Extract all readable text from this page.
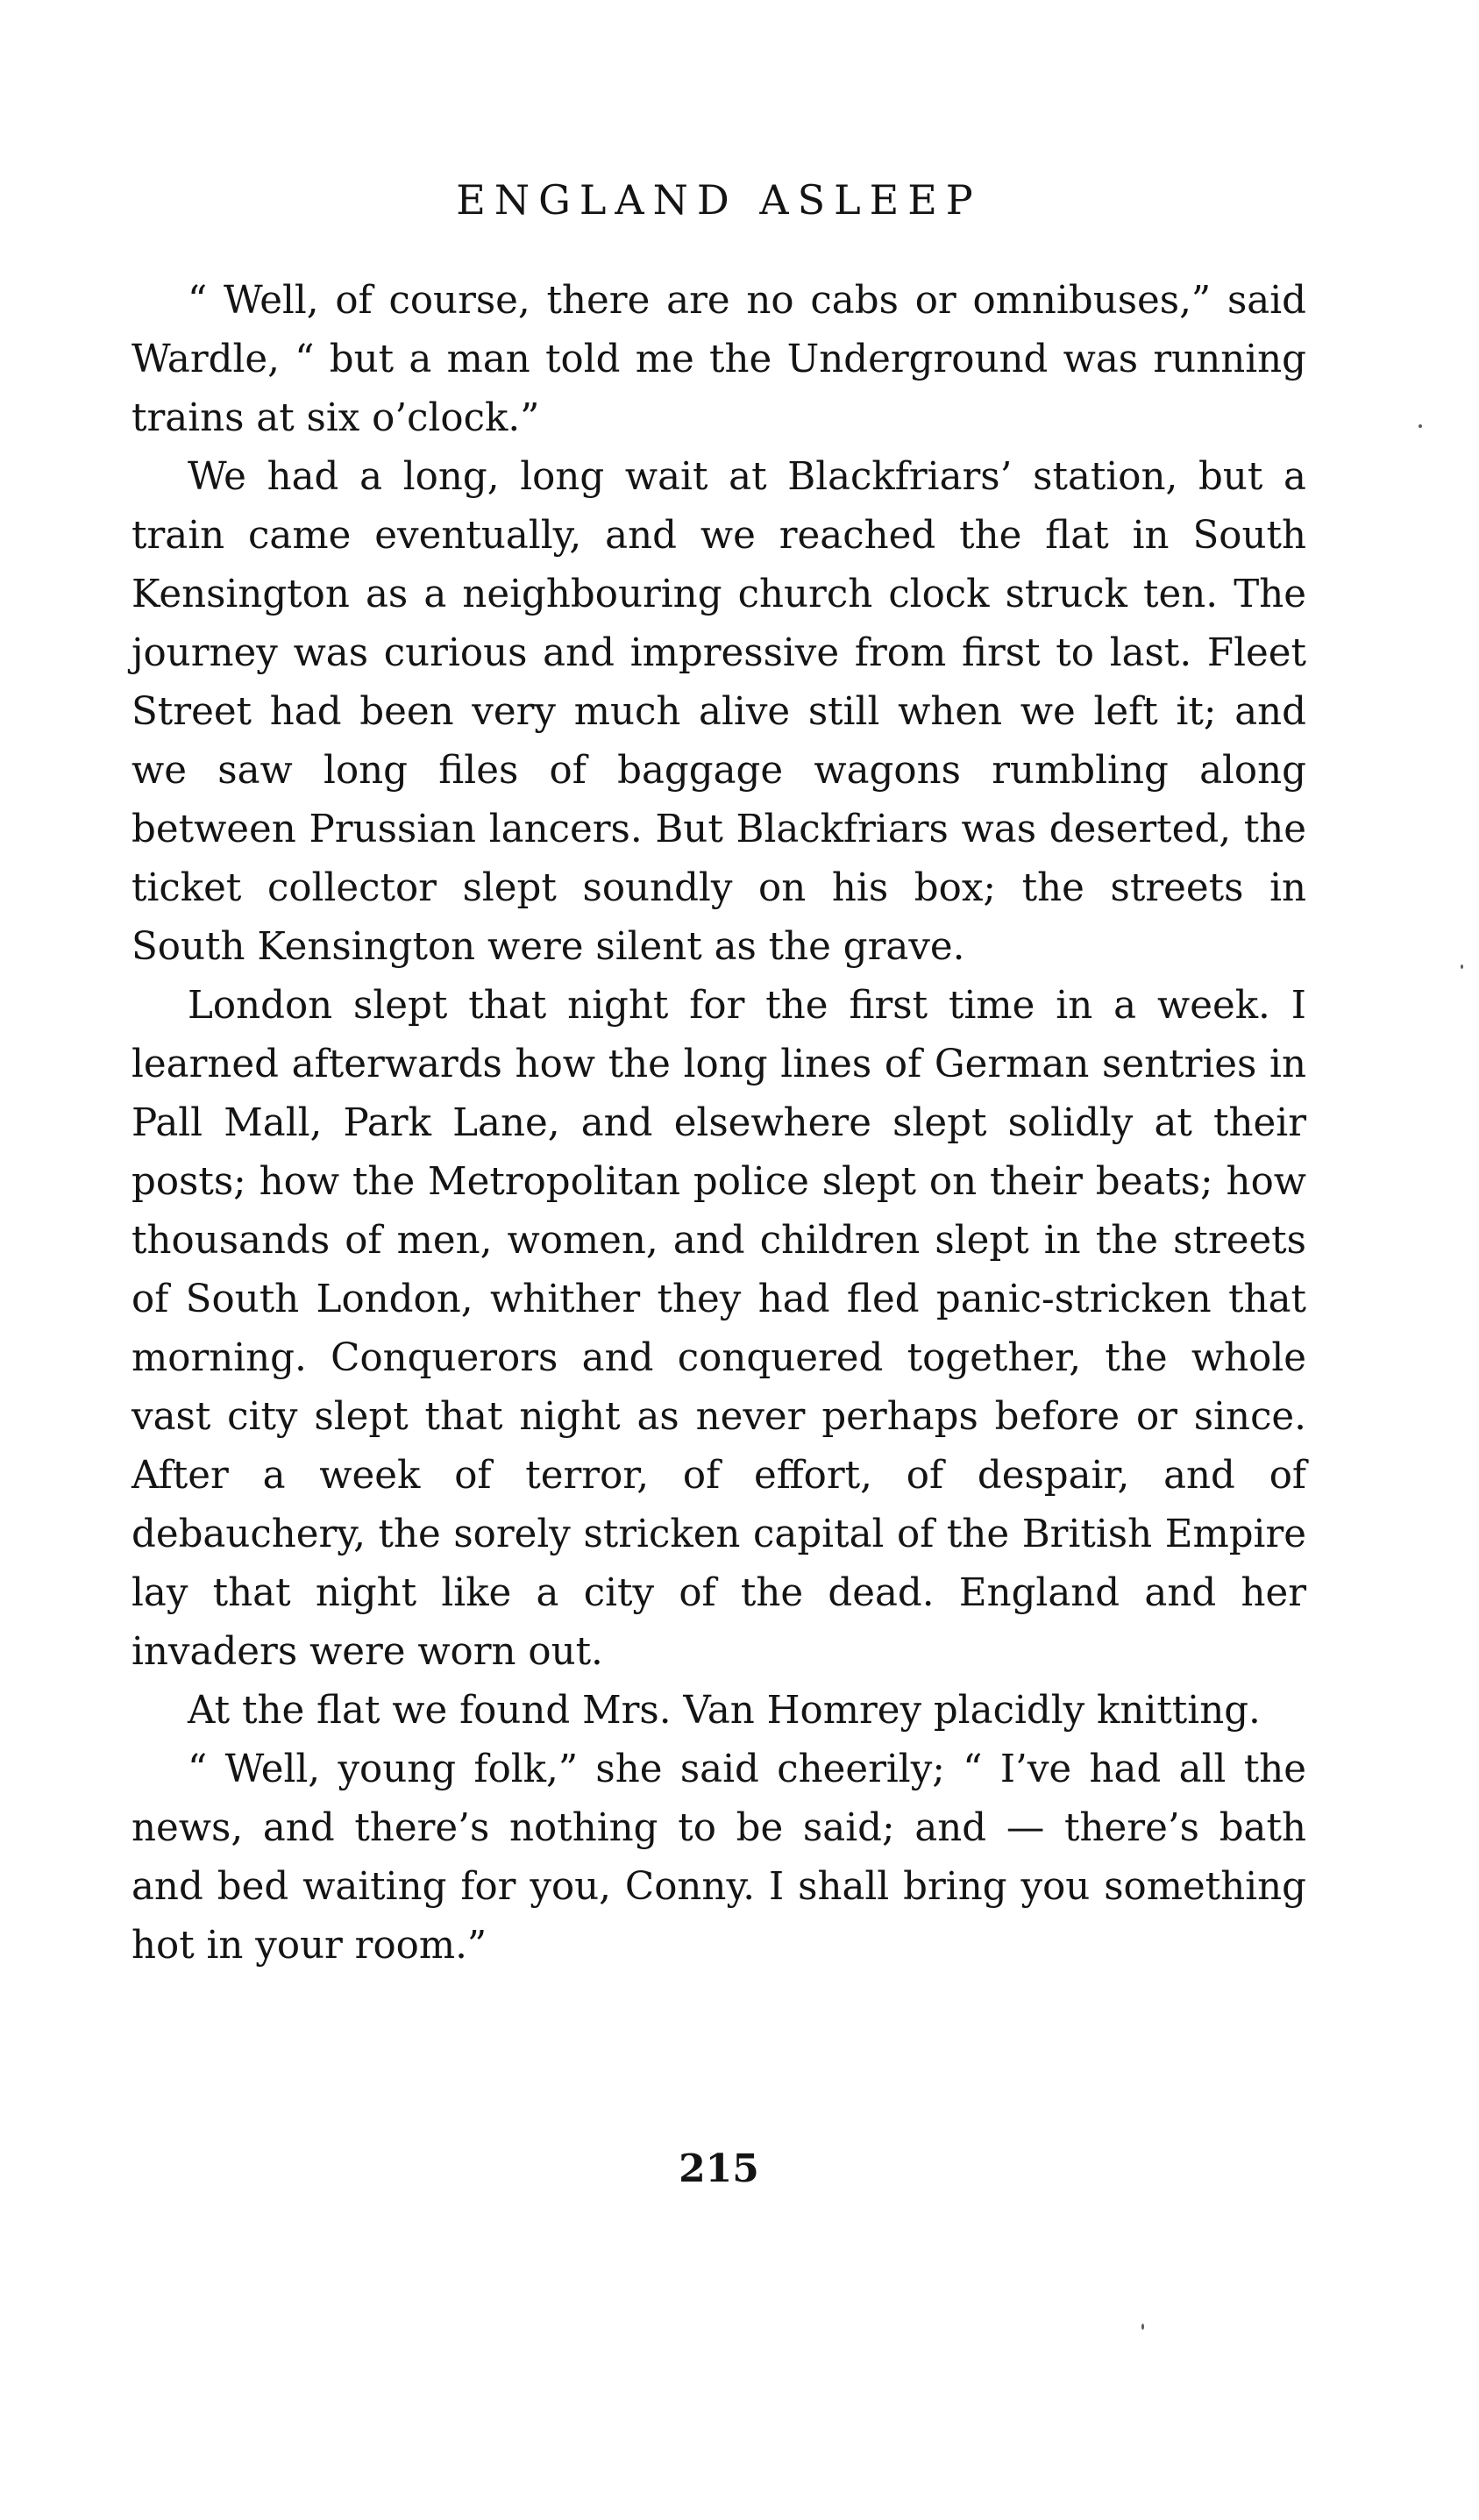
ENGLAND ASLEEP

“ Well, of course, there are no cabs or omnibuses,” said Wardle, “ but a man told me the Underground was running trains at six o’clock.”

We had a long, long wait at Blackfriars’ station, but a train came eventually, and we reached the flat in South Kensington as a neighbouring church clock struck ten. The journey was curious and impressive from first to last. Fleet Street had been very much alive still when we left it; and we saw long files of baggage wagons rumbling along between Prussian lancers. But Blackfriars was deserted, the ticket collector slept soundly on his box; the streets in South Kensington were silent as the grave.

London slept that night for the first time in a week. I learned afterwards how the long lines of German sentries in Pall Mall, Park Lane, and elsewhere slept solidly at their posts; how the Metropolitan police slept on their beats; how thousands of men, women, and children slept in the streets of South London, whither they had fled panic-stricken that morning. Conquerors and conquered together, the whole vast city slept that night as never perhaps before or since. After a week of terror, of effort, of despair, and of debauchery, the sorely stricken capital of the British Empire lay that night like a city of the dead. England and her invaders were worn out.

At the flat we found Mrs. Van Homrey placidly knitting.

“ Well, young folk,” she said cheerily; “ I’ve had all the news, and there’s nothing to be said; and — there’s bath and bed waiting for you, Conny. I shall bring you something hot in your room.”

215
